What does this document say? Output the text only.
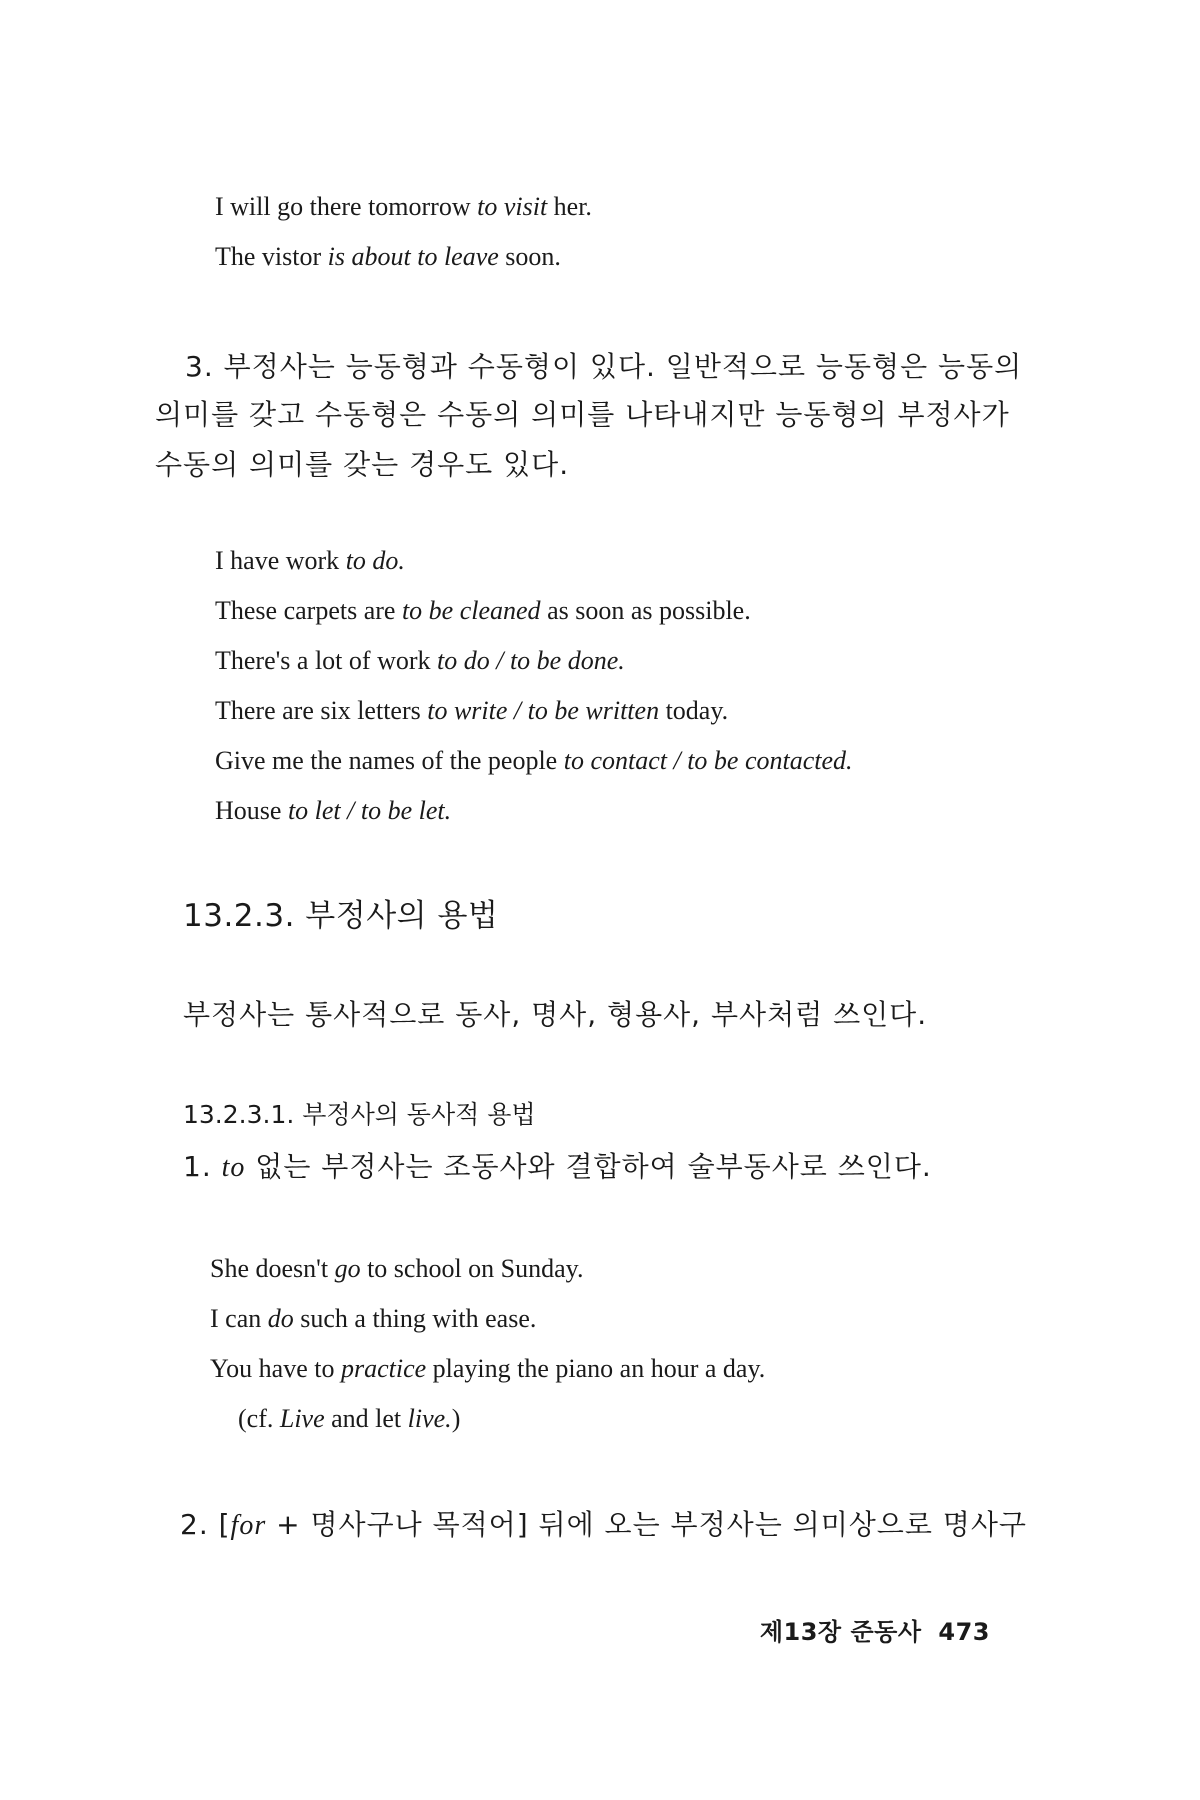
I will go there tomorrow to visit her.
The vistor is about to leave soon.
3. 부정사는 능동형과 수동형이 있다. 일반적으로 능동형은 능동의
의미를 갖고 수동형은 수동의 의미를 나타내지만 능동형의 부정사가
수동의 의미를 갖는 경우도 있다.
I have work to do.
These carpets are to be cleaned as soon as possible.
There's a lot of work to do / to be done.
There are six letters to write / to be written today.
Give me the names of the people to contact / to be contacted.
House to let / to be let.
13.2.3. 부정사의 용법
부정사는 통사적으로 동사, 명사, 형용사, 부사처럼 쓰인다.
13.2.3.1. 부정사의 동사적 용법
1. to 없는 부정사는 조동사와 결합하여 술부동사로 쓰인다.
She doesn't go to school on Sunday.
I can do such a thing with ease.
You have to practice playing the piano an hour a day.
(cf. Live and let live.)
2. [for + 명사구나 목적어] 뒤에 오는 부정사는 의미상으로 명사구
제13장 준동사 473
